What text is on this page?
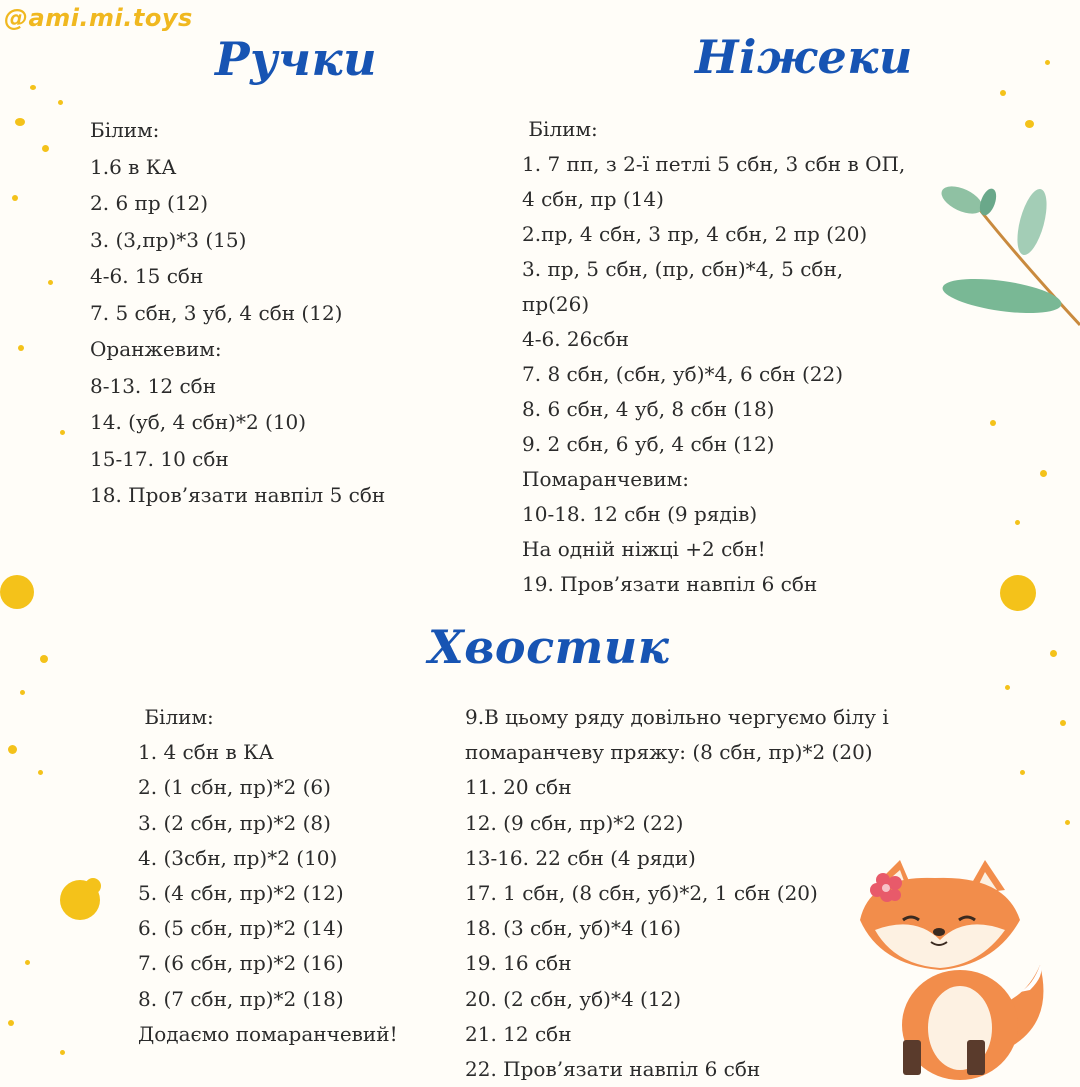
@ami.mi.toys
Ручки	Ніжеки
Хвостик
Білим:
1.6 в КА
2. 6 пр (12)
3. (3,пр)*3 (15)
4-6. 15 сбн
7. 5 сбн, 3 уб, 4 сбн (12)
Оранжевим:
8-13. 12 сбн
14. (уб, 4 сбн)*2 (10)
15-17. 10 сбн
18. Пров’язати навпіл 5 сбн
Білим:
1. 7 пп, з 2-ї петлі 5 сбн, 3 сбн в ОП,
4 сбн, пр (14)
2.пр, 4 сбн, 3 пр, 4 сбн, 2 пр (20)
3. пр, 5 сбн, (пр, сбн)*4, 5 сбн,
пр(26)
4-6. 26сбн
7. 8 сбн, (сбн, уб)*4, 6 сбн (22)
8. 6 сбн, 4 уб, 8 сбн (18)
9. 2 сбн, 6 уб, 4 сбн (12)
Помаранчевим:
10-18. 12 сбн (9 рядів)
На одній ніжці +2 сбн!
19. Пров’язати навпіл 6 сбн
Білим:
1. 4 сбн в КА
2. (1 сбн, пр)*2 (6)
3. (2 сбн, пр)*2 (8)
4. (3сбн, пр)*2 (10)
5. (4 сбн, пр)*2 (12)
6. (5 сбн, пр)*2 (14)
7. (6 сбн, пр)*2 (16)
8. (7 сбн, пр)*2 (18)
Додаємо помаранчевий!
9.В цьому ряду довільно чергуємо білу і
помаранчеву пряжу: (8 сбн, пр)*2 (20)
11. 20 сбн
12. (9 сбн, пр)*2 (22)
13-16. 22 сбн (4 ряди)
17. 1 сбн, (8 сбн, уб)*2, 1 сбн (20)
18. (3 сбн, уб)*4 (16)
19. 16 сбн
20. (2 сбн, уб)*4 (12)
21. 12 сбн
22. Пров’язати навпіл 6 сбн
